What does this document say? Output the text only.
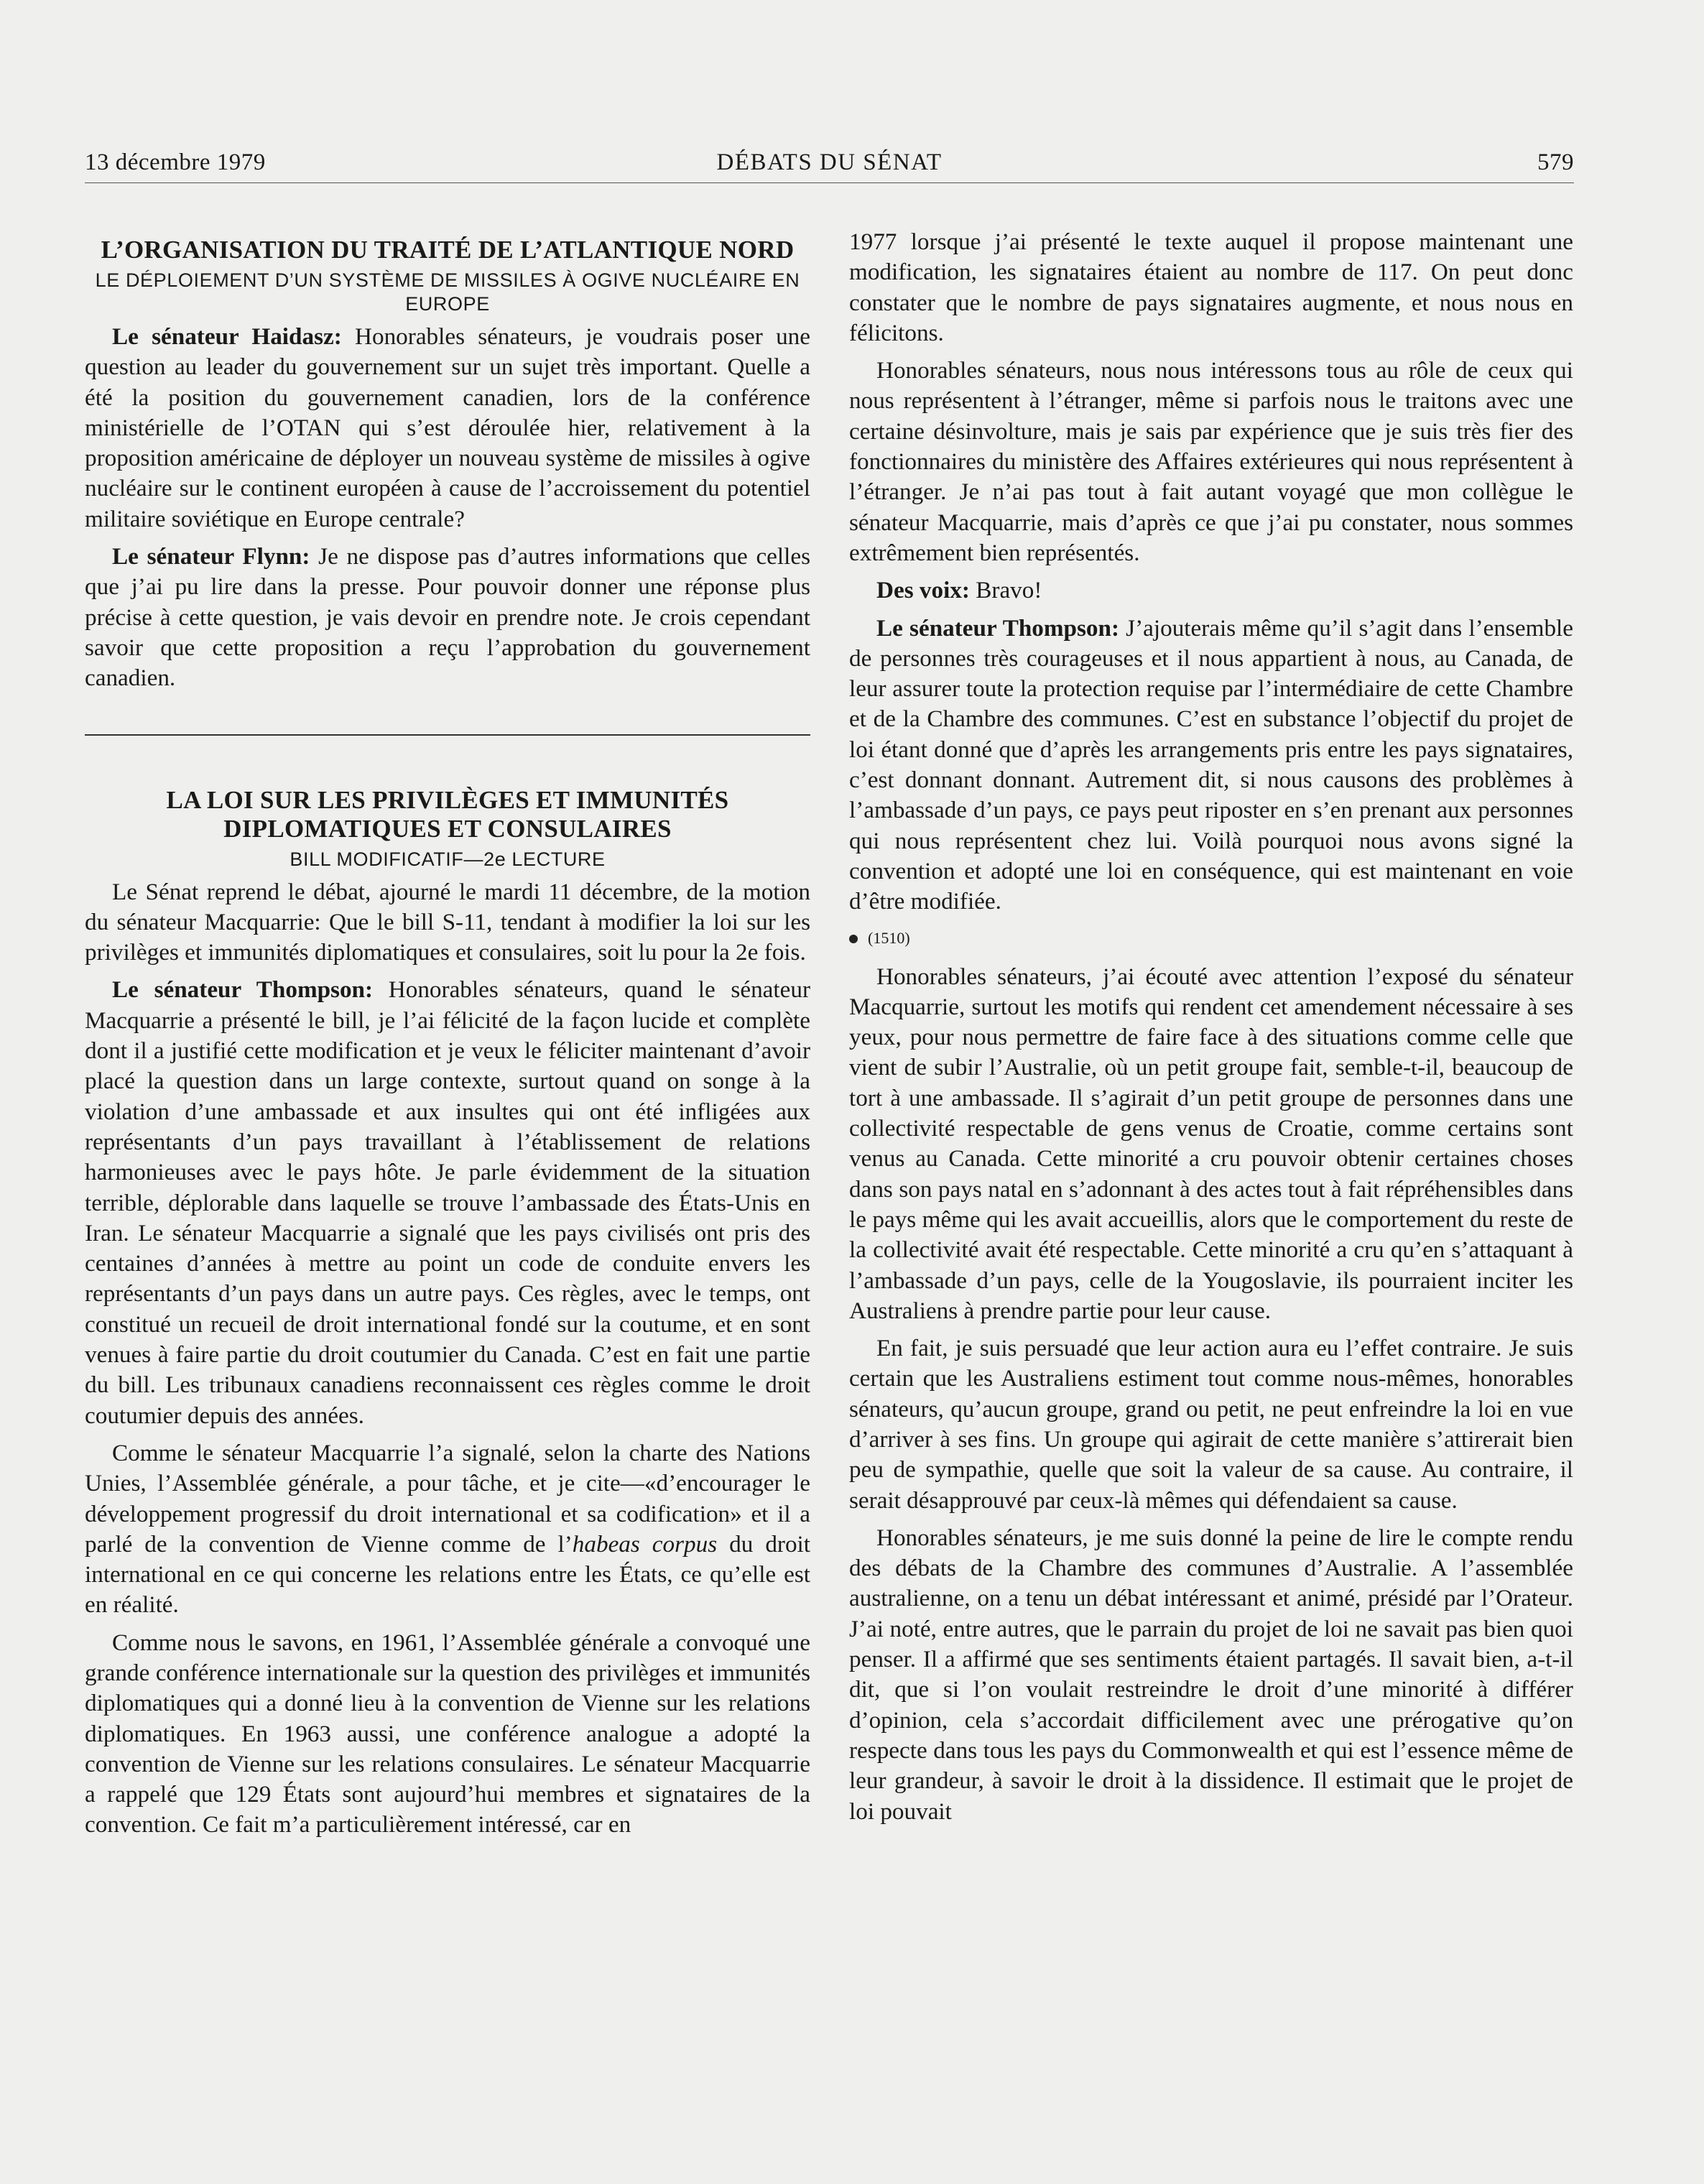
13 décembre 1979	DÉBATS DU SÉNAT	579
L’ORGANISATION DU TRAITÉ DE L’ATLANTIQUE NORD
LE DÉPLOIEMENT D’UN SYSTÈME DE MISSILES À OGIVE NUCLÉAIRE EN EUROPE

Le sénateur Haidasz: Honorables sénateurs, je voudrais poser une question au leader du gouvernement sur un sujet très important. Quelle a été la position du gouvernement canadien, lors de la conférence ministérielle de l’OTAN qui s’est déroulée hier, relativement à la proposition américaine de déployer un nouveau système de missiles à ogive nucléaire sur le continent européen à cause de l’accroissement du potentiel militaire soviétique en Europe centrale?

Le sénateur Flynn: Je ne dispose pas d’autres informations que celles que j’ai pu lire dans la presse. Pour pouvoir donner une réponse plus précise à cette question, je vais devoir en prendre note. Je crois cependant savoir que cette proposition a reçu l’approbation du gouvernement canadien.

LA LOI SUR LES PRIVILÈGES ET IMMUNITÉS DIPLOMATIQUES ET CONSULAIRES
BILL MODIFICATIF—2e LECTURE

Le Sénat reprend le débat, ajourné le mardi 11 décembre, de la motion du sénateur Macquarrie: Que le bill S-11, tendant à modifier la loi sur les privilèges et immunités diplomatiques et consulaires, soit lu pour la 2e fois.

Le sénateur Thompson: Honorables sénateurs, quand le sénateur Macquarrie a présenté le bill, je l’ai félicité de la façon lucide et complète dont il a justifié cette modification et je veux le féliciter maintenant d’avoir placé la question dans un large contexte, surtout quand on songe à la violation d’une ambassade et aux insultes qui ont été infligées aux représentants d’un pays travaillant à l’établissement de relations harmonieuses avec le pays hôte. Je parle évidemment de la situation terrible, déplorable dans laquelle se trouve l’ambassade des États-Unis en Iran. Le sénateur Macquarrie a signalé que les pays civilisés ont pris des centaines d’années à mettre au point un code de conduite envers les représentants d’un pays dans un autre pays. Ces règles, avec le temps, ont constitué un recueil de droit international fondé sur la coutume, et en sont venues à faire partie du droit coutumier du Canada. C’est en fait une partie du bill. Les tribunaux canadiens reconnaissent ces règles comme le droit coutumier depuis des années.

Comme le sénateur Macquarrie l’a signalé, selon la charte des Nations Unies, l’Assemblée générale, a pour tâche, et je cite—«d’encourager le développement progressif du droit international et sa codification» et il a parlé de la convention de Vienne comme de l’habeas corpus du droit international en ce qui concerne les relations entre les États, ce qu’elle est en réalité.

Comme nous le savons, en 1961, l’Assemblée générale a convoqué une grande conférence internationale sur la question des privilèges et immunités diplomatiques qui a donné lieu à la convention de Vienne sur les relations diplomatiques. En 1963 aussi, une conférence analogue a adopté la convention de Vienne sur les relations consulaires. Le sénateur Macquarrie a rappelé que 129 États sont aujourd’hui membres et signataires de la convention. Ce fait m’a particulièrement intéressé, car en

1977 lorsque j’ai présenté le texte auquel il propose maintenant une modification, les signataires étaient au nombre de 117. On peut donc constater que le nombre de pays signataires augmente, et nous nous en félicitons.

Honorables sénateurs, nous nous intéressons tous au rôle de ceux qui nous représentent à l’étranger, même si parfois nous le traitons avec une certaine désinvolture, mais je sais par expérience que je suis très fier des fonctionnaires du ministère des Affaires extérieures qui nous représentent à l’étranger. Je n’ai pas tout à fait autant voyagé que mon collègue le sénateur Macquarrie, mais d’après ce que j’ai pu constater, nous sommes extrêmement bien représentés.

Des voix: Bravo!

Le sénateur Thompson: J’ajouterais même qu’il s’agit dans l’ensemble de personnes très courageuses et il nous appartient à nous, au Canada, de leur assurer toute la protection requise par l’intermédiaire de cette Chambre et de la Chambre des communes. C’est en substance l’objectif du projet de loi étant donné que d’après les arrangements pris entre les pays signataires, c’est donnant donnant. Autrement dit, si nous causons des problèmes à l’ambassade d’un pays, ce pays peut riposter en s’en prenant aux personnes qui nous représentent chez lui. Voilà pourquoi nous avons signé la convention et adopté une loi en conséquence, qui est maintenant en voie d’être modifiée.

(1510)

Honorables sénateurs, j’ai écouté avec attention l’exposé du sénateur Macquarrie, surtout les motifs qui rendent cet amendement nécessaire à ses yeux, pour nous permettre de faire face à des situations comme celle que vient de subir l’Australie, où un petit groupe fait, semble-t-il, beaucoup de tort à une ambassade. Il s’agirait d’un petit groupe de personnes dans une collectivité respectable de gens venus de Croatie, comme certains sont venus au Canada. Cette minorité a cru pouvoir obtenir certaines choses dans son pays natal en s’adonnant à des actes tout à fait répréhensibles dans le pays même qui les avait accueillis, alors que le comportement du reste de la collectivité avait été respectable. Cette minorité a cru qu’en s’attaquant à l’ambassade d’un pays, celle de la Yougoslavie, ils pourraient inciter les Australiens à prendre partie pour leur cause.

En fait, je suis persuadé que leur action aura eu l’effet contraire. Je suis certain que les Australiens estiment tout comme nous-mêmes, honorables sénateurs, qu’aucun groupe, grand ou petit, ne peut enfreindre la loi en vue d’arriver à ses fins. Un groupe qui agirait de cette manière s’attirerait bien peu de sympathie, quelle que soit la valeur de sa cause. Au contraire, il serait désapprouvé par ceux-là mêmes qui défendaient sa cause.

Honorables sénateurs, je me suis donné la peine de lire le compte rendu des débats de la Chambre des communes d’Australie. A l’assemblée australienne, on a tenu un débat intéressant et animé, présidé par l’Orateur. J’ai noté, entre autres, que le parrain du projet de loi ne savait pas bien quoi penser. Il a affirmé que ses sentiments étaient partagés. Il savait bien, a-t-il dit, que si l’on voulait restreindre le droit d’une minorité à différer d’opinion, cela s’accordait difficilement avec une prérogative qu’on respecte dans tous les pays du Commonwealth et qui est l’essence même de leur grandeur, à savoir le droit à la dissidence. Il estimait que le projet de loi pouvait
